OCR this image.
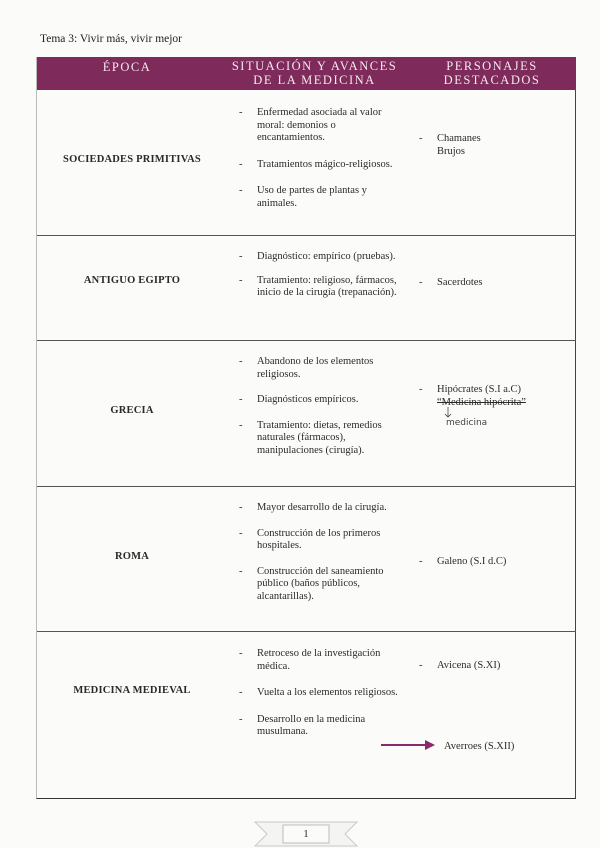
Tema 3: Vivir más, vivir mejor
ÉPOCA	SITUACIÓN Y AVANCES
DE LA MEDICINA
PERSONAJES
DESTACADOS
SOCIEDADES PRIMITIVAS
- Enfermedad asociada al valor moral: demonios o encantamientos.
- Tratamientos mágico-religiosos.
- Uso de partes de plantas y animales.
- Chamanes
Brujos
ANTIGUO EGIPTO
- Diagnóstico: empírico (pruebas).
- Tratamiento: religioso, fármacos, inicio de la cirugía (trepanación).
- Sacerdotes
GRECIA
- Abandono de los elementos religiosos.
- Diagnósticos empíricos.
- Tratamiento: dietas, remedios naturales (fármacos), manipulaciones (cirugía).
- Hipócrates (S.I a.C)
“Medicina hipócrita”
medicina
ROMA
- Mayor desarrollo de la cirugía.
- Construcción de los primeros hospitales.
- Construcción del saneamiento público (baños públicos, alcantarillas).
- Galeno (S.I d.C)
MEDICINA MEDIEVAL
- Retroceso de la investigación médica.
- Vuelta a los elementos religiosos.
- Desarrollo en la medicina musulmana.
- Avicena (S.XI)
Averroes (S.XII)
1
